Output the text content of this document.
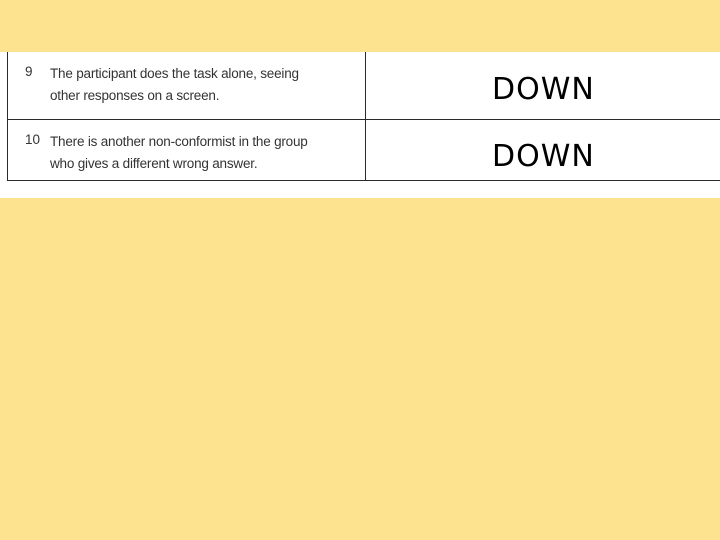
9 The participant does the task alone, seeing
other responses on a screen.	DOWN

10 There is another non-conformist in the group
who gives a different wrong answer.	DOWN
